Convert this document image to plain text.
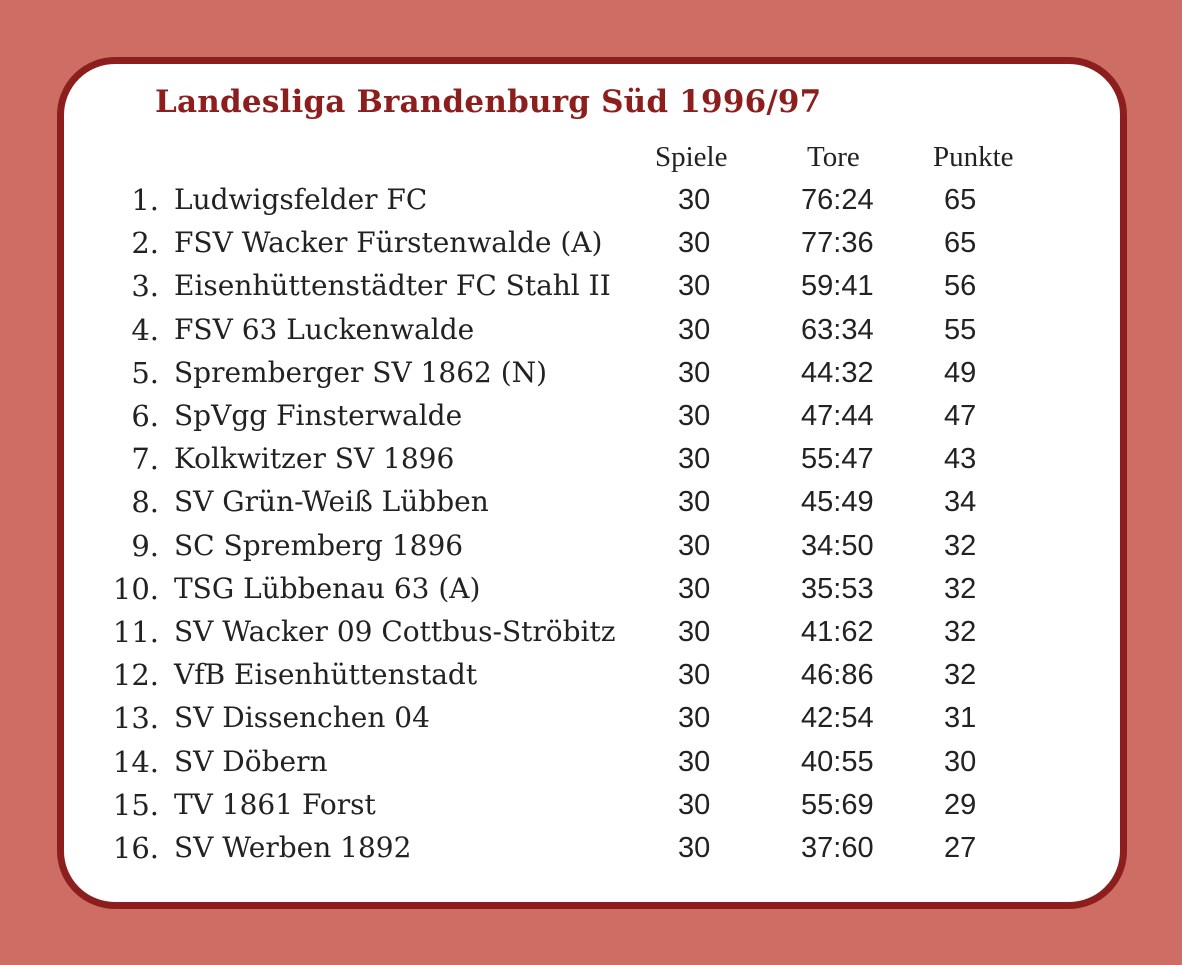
Landesliga Brandenburg Süd 1996/97
Spiele	Tore	Punkte
1. Ludwigsfelder FC	30	76:24 65
2. FSV Wacker Fürstenwalde (A)	30	77:36 65
3. Eisenhüttenstädter FC Stahl II 30	59:41 56
4. FSV 63 Luckenwalde	30	63:34 55
5. Spremberger SV 1862 (N)	30	44:32 49
6. SpVgg Finsterwalde	30	47:44 47
7. Kolkwitzer SV 1896	30	55:47 43
8. SV Grün-Weiß Lübben	30	45:49 34
9. SC Spremberg 1896	30	34:50 32
10. TSG Lübbenau 63 (A)	30	35:53 32
11. SV Wacker 09 Cottbus-Ströbitz 30	41:62 32
12. VfB Eisenhüttenstadt	30	46:86 32
13. SV Dissenchen 04	30	42:54 31
14. SV Döbern	30	40:55 30
15. TV 1861 Forst	30	55:69 29
16. SV Werben 1892	30	37:60 27
